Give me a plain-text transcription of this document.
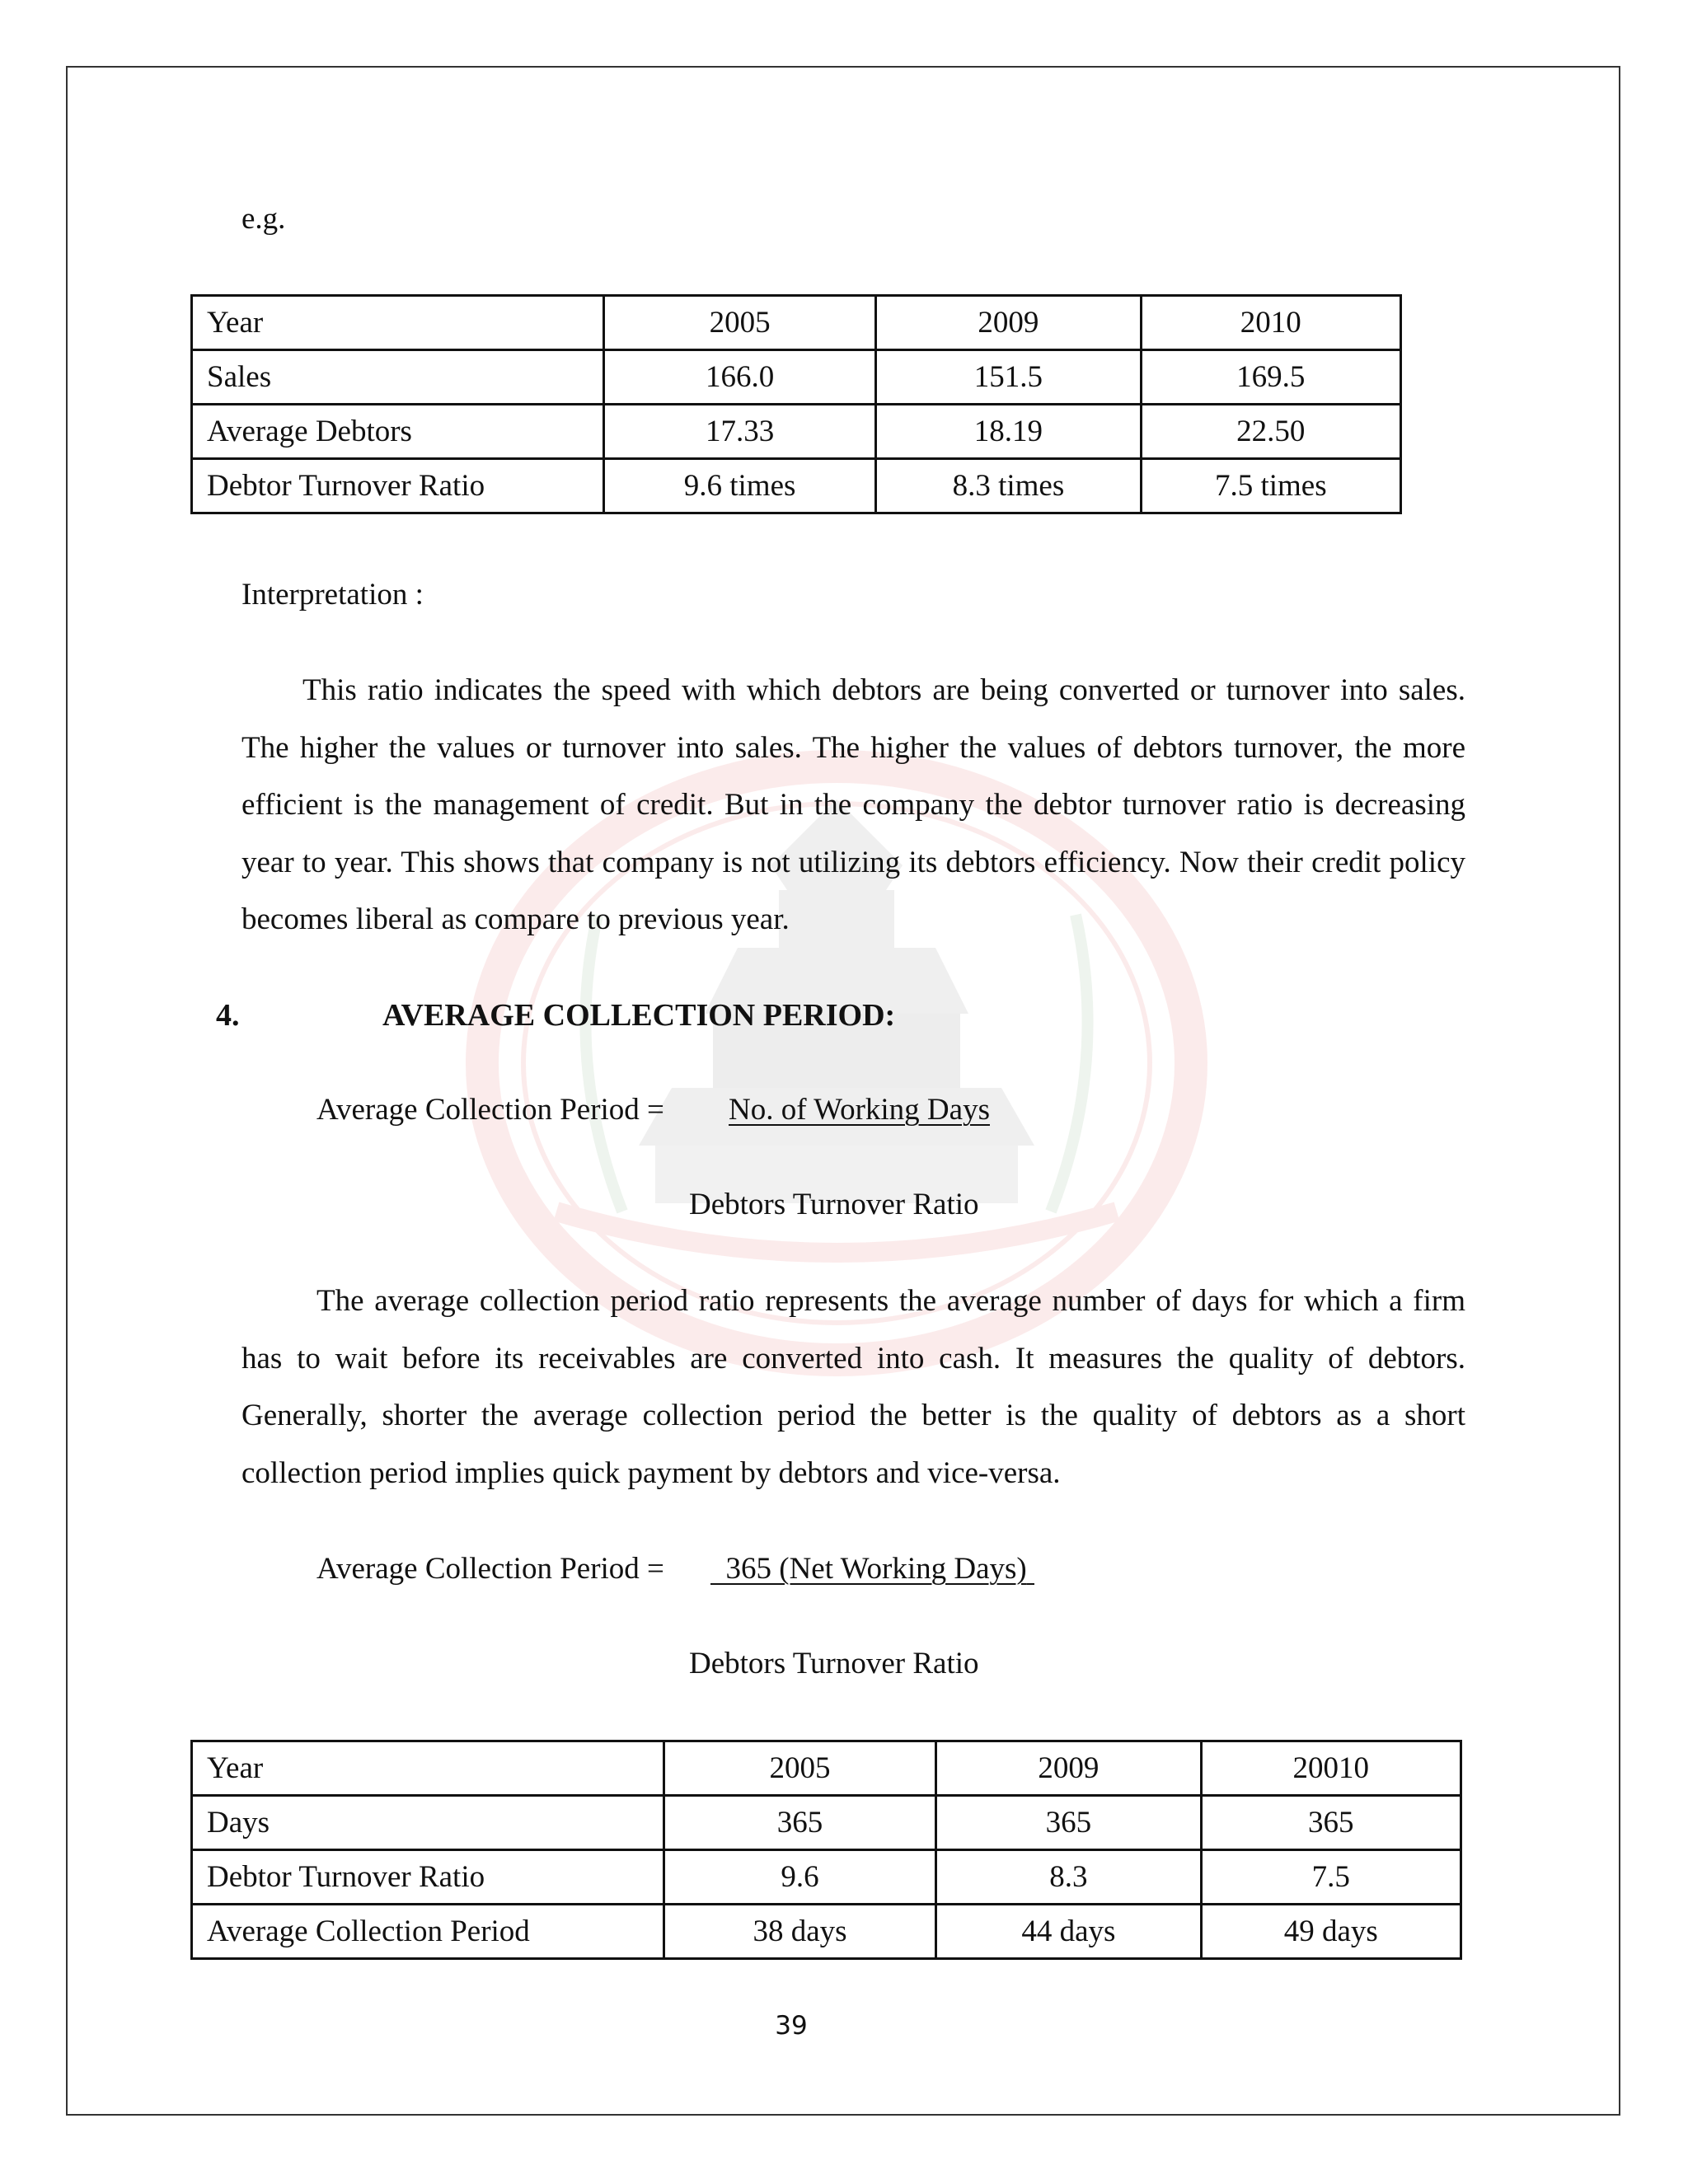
e.g.
Year	2005	2009	2010
Sales	166.0	151.5	169.5
Average Debtors	17.33	18.19	22.50
Debtor Turnover Ratio	9.6 times	8.3 times	7.5 times
Interpretation :
This ratio indicates the speed with which debtors are being converted or turnover into sales. The higher the values or turnover into sales. The higher the values of debtors turnover, the more efficient is the management of credit. But in the company the debtor turnover ratio is decreasing year to year. This shows that company is not utilizing its debtors efficiency. Now their credit policy becomes liberal as compare to previous year.
4.	AVERAGE COLLECTION PERIOD:
Average Collection Period = No. of Working Days
Debtors Turnover Ratio
The average collection period ratio represents the average number of days for which a firm has to wait before its receivables are converted into cash. It measures the quality of debtors. Generally, shorter the average collection period the better is the quality of debtors as a short collection period implies quick payment by debtors and vice-versa.
Average Collection Period =	365 (Net Working Days)
Debtors Turnover Ratio
Year	2005	2009	20010
Days	365	365	365
Debtor Turnover Ratio	9.6	8.3	7.5
Average Collection Period	38 days	44 days	49 days
39
